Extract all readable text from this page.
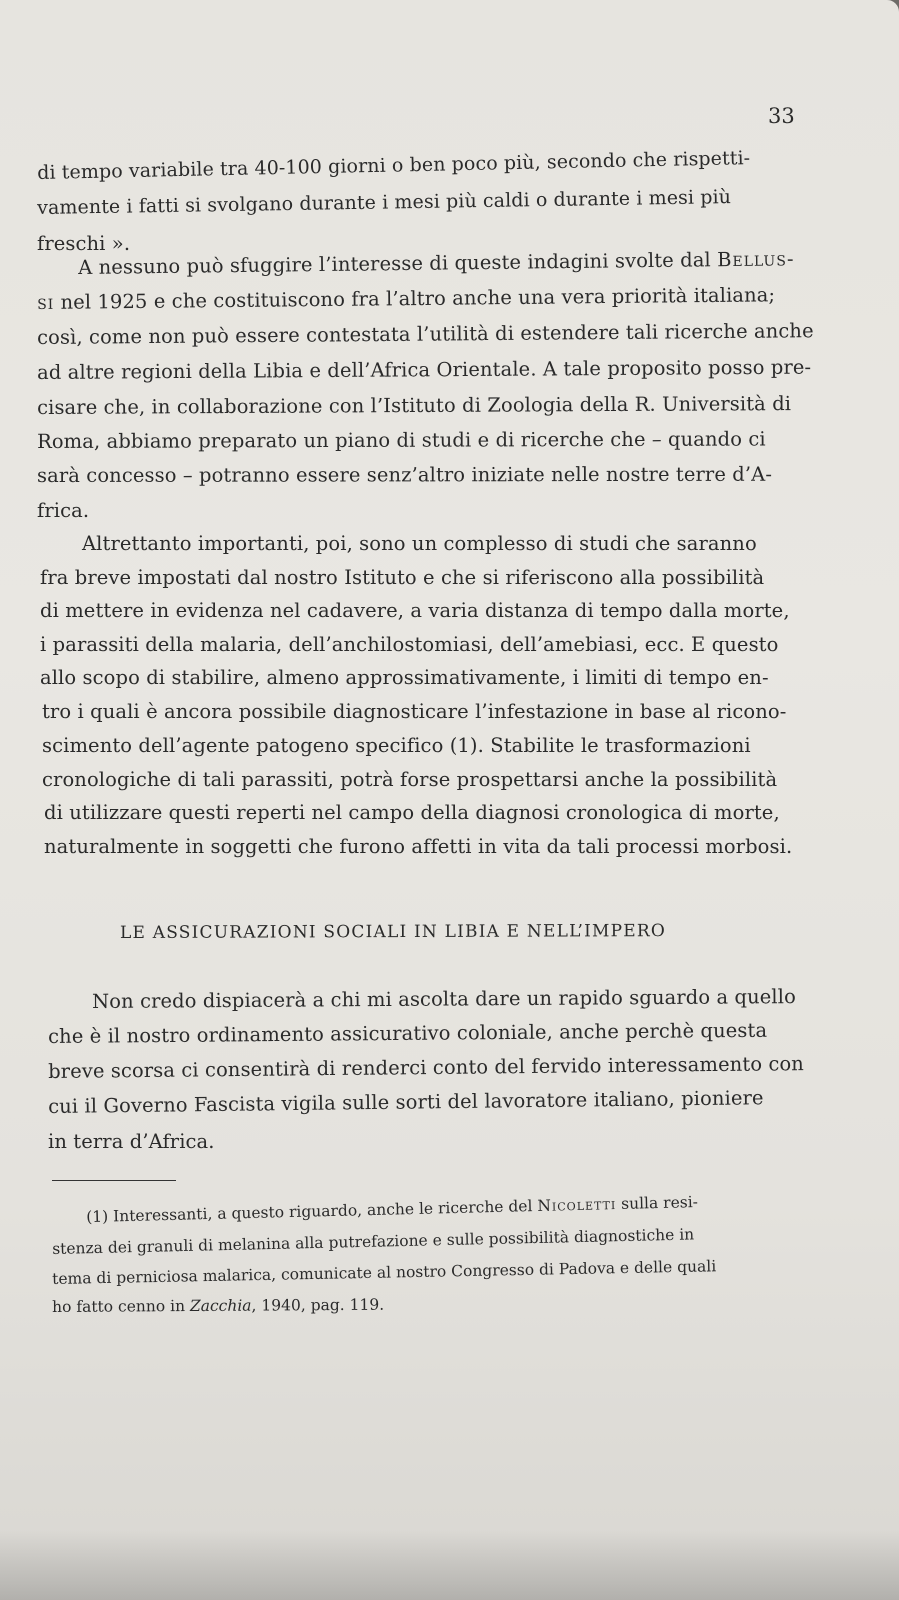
33
di tempo variabile tra 40-100 giorni o ben poco più, secondo che rispetti-
vamente i fatti si svolgano durante i mesi più caldi o durante i mesi più
freschi ».
A nessuno può sfuggire l’interesse di queste indagini svolte dal Bellus-
si nel 1925 e che costituiscono fra l’altro anche una vera priorità italiana;
così, come non può essere contestata l’utilità di estendere tali ricerche anche
ad altre regioni della Libia e dell’Africa Orientale. A tale proposito posso pre-
cisare che, in collaborazione con l’Istituto di Zoologia della R. Università di
Roma, abbiamo preparato un piano di studi e di ricerche che – quando ci
sarà concesso – potranno essere senz’altro iniziate nelle nostre terre d’A-
frica.
Altrettanto importanti, poi, sono un complesso di studi che saranno
fra breve impostati dal nostro Istituto e che si riferiscono alla possibilità
di mettere in evidenza nel cadavere, a varia distanza di tempo dalla morte,
i parassiti della malaria, dell’anchilostomiasi, dell’amebiasi, ecc. E questo
allo scopo di stabilire, almeno approssimativamente, i limiti di tempo en-
tro i quali è ancora possibile diagnosticare l’infestazione in base al ricono-
scimento dell’agente patogeno specifico (1). Stabilite le trasformazioni
cronologiche di tali parassiti, potrà forse prospettarsi anche la possibilità
di utilizzare questi reperti nel campo della diagnosi cronologica di morte,
naturalmente in soggetti che furono affetti in vita da tali processi morbosi.
LE ASSICURAZIONI SOCIALI IN LIBIA E NELL’IMPERO
Non credo dispiacerà a chi mi ascolta dare un rapido sguardo a quello
che è il nostro ordinamento assicurativo coloniale, anche perchè questa
breve scorsa ci consentirà di renderci conto del fervido interessamento con
cui il Governo Fascista vigila sulle sorti del lavoratore italiano, pioniere
in terra d’Africa.
(1) Interessanti, a questo riguardo, anche le ricerche del Nicoletti sulla resi-
stenza dei granuli di melanina alla putrefazione e sulle possibilità diagnostiche in
tema di perniciosa malarica, comunicate al nostro Congresso di Padova e delle quali
ho fatto cenno in Zacchia, 1940, pag. 119.
